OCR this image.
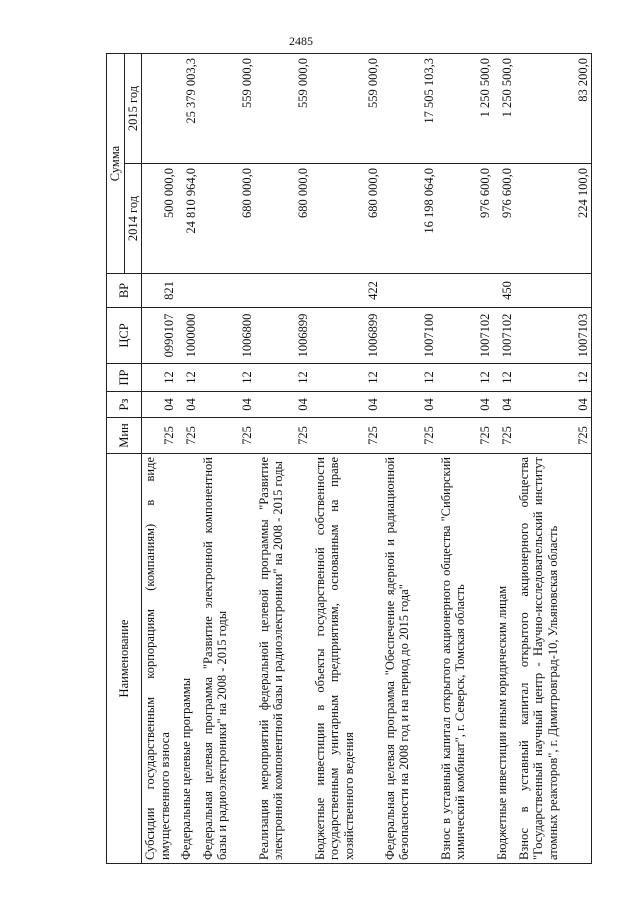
2485
Наименование	Мин	Рз	ПР	ЦСР	ВР	Сумма	
						2014 год	2015 год
Субсидии государственным корпорациям (компаниям) в виде имущественного взноса	725	04	12	0990107	821	500 000,0	
Федеральные целевые программы	725	04	12	1000000		24 810 964,0	25 379 003,3
Федеральная целевая программа "Развитие электронной компонентной базы и радиоэлектроники" на 2008 - 2015 годы	725	04	12	1006800		680 000,0	559 000,0
Реализация мероприятий федеральной целевой программы "Развитие электронной компонентной базы и радиоэлектроники" на 2008 - 2015 годы	725	04	12	1006899		680 000,0	559 000,0
Бюджетные инвестиции в объекты государственной собственности государственным унитарным предприятиям, основанным на праве хозяйственного ведения	725	04	12	1006899	422	680 000,0	559 000,0
Федеральная целевая программа "Обеспечение ядерной и радиационной безопасности на 2008 год и на период до 2015 года"	725	04	12	1007100		16 198 064,0	17 505 103,3
Взнос в уставный капитал открытого акционерного общества "Сибирский химический комбинат", г. Северск, Томская область	725	04	12	1007102		976 600,0	1 250 500,0
Бюджетные инвестиции иным юридическим лицам	725	04	12	1007102	450	976 600,0	1 250 500,0
Взнос в уставный капитал открытого акционерного общества "Государственный научный центр - Научно-исследовательский институт атомных реакторов", г. Димитровград-10, Ульяновская область	725	04	12	1007103		224 100,0	83 200,0
